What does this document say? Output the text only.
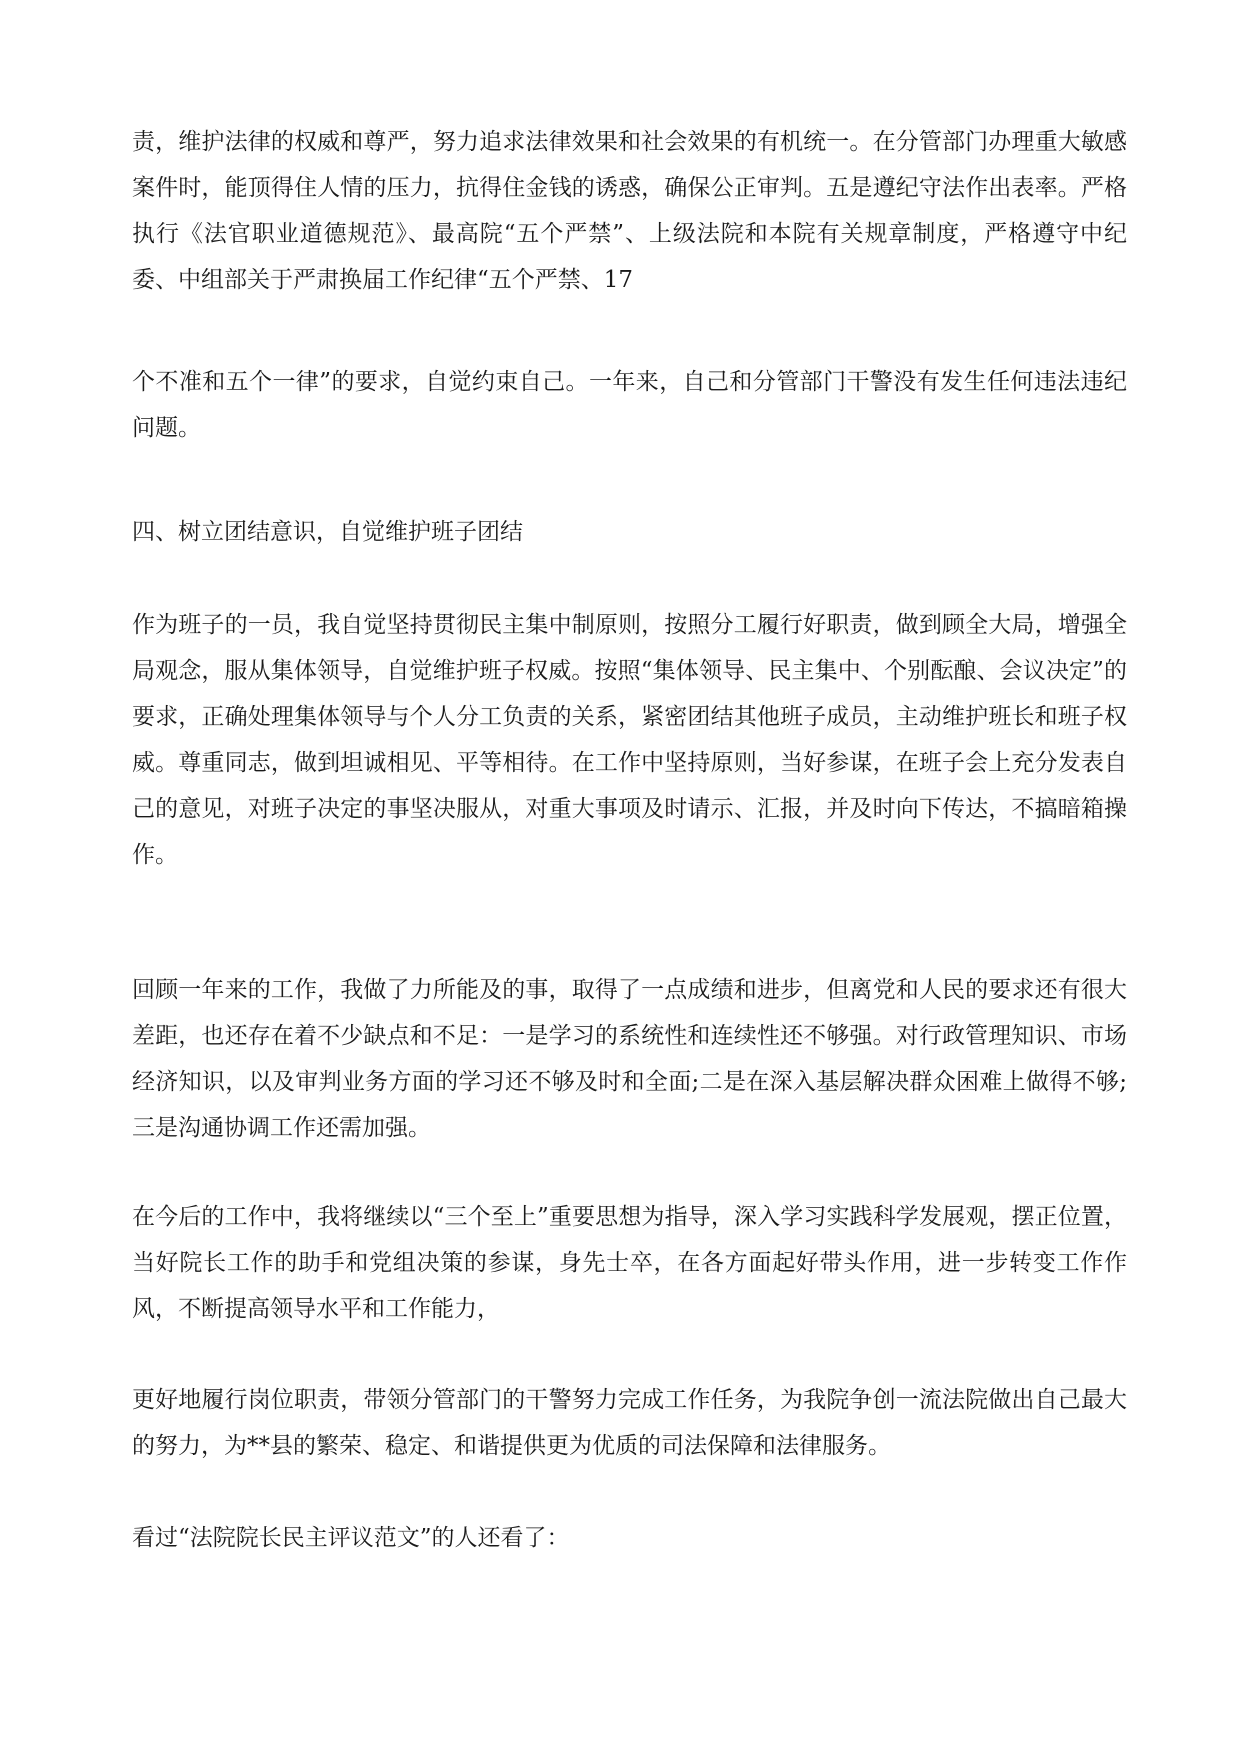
责，维护法律的权威和尊严，努力追求法律效果和社会效果的有机统一。在分管部门办理重大敏感案件时，能顶得住人情的压力，抗得住金钱的诱惑，确保公正审判。五是遵纪守法作出表率。严格执行《法官职业道德规范》、最高院“五个严禁”、上级法院和本院有关规章制度，严格遵守中纪委、中组部关于严肃换届工作纪律“五个严禁、17

个不准和五个一律”的要求，自觉约束自己。一年来，自己和分管部门干警没有发生任何违法违纪问题。

四、树立团结意识，自觉维护班子团结

作为班子的一员，我自觉坚持贯彻民主集中制原则，按照分工履行好职责，做到顾全大局，增强全局观念，服从集体领导，自觉维护班子权威。按照“集体领导、民主集中、个别酝酿、会议决定”的要求，正确处理集体领导与个人分工负责的关系，紧密团结其他班子成员，主动维护班长和班子权威。尊重同志，做到坦诚相见、平等相待。在工作中坚持原则，当好参谋，在班子会上充分发表自己的意见，对班子决定的事坚决服从，对重大事项及时请示、汇报，并及时向下传达，不搞暗箱操作。

回顾一年来的工作，我做了力所能及的事，取得了一点成绩和进步，但离党和人民的要求还有很大差距，也还存在着不少缺点和不足：一是学习的系统性和连续性还不够强。对行政管理知识、市场经济知识，以及审判业务方面的学习还不够及时和全面;二是在深入基层解决群众困难上做得不够;三是沟通协调工作还需加强。

在今后的工作中，我将继续以“三个至上”重要思想为指导，深入学习实践科学发展观，摆正位置，当好院长工作的助手和党组决策的参谋，身先士卒，在各方面起好带头作用，进一步转变工作作风，不断提高领导水平和工作能力，

更好地履行岗位职责，带领分管部门的干警努力完成工作任务，为我院争创一流法院做出自己最大的努力，为**县的繁荣、稳定、和谐提供更为优质的司法保障和法律服务。

看过“法院院长民主评议范文”的人还看了：
